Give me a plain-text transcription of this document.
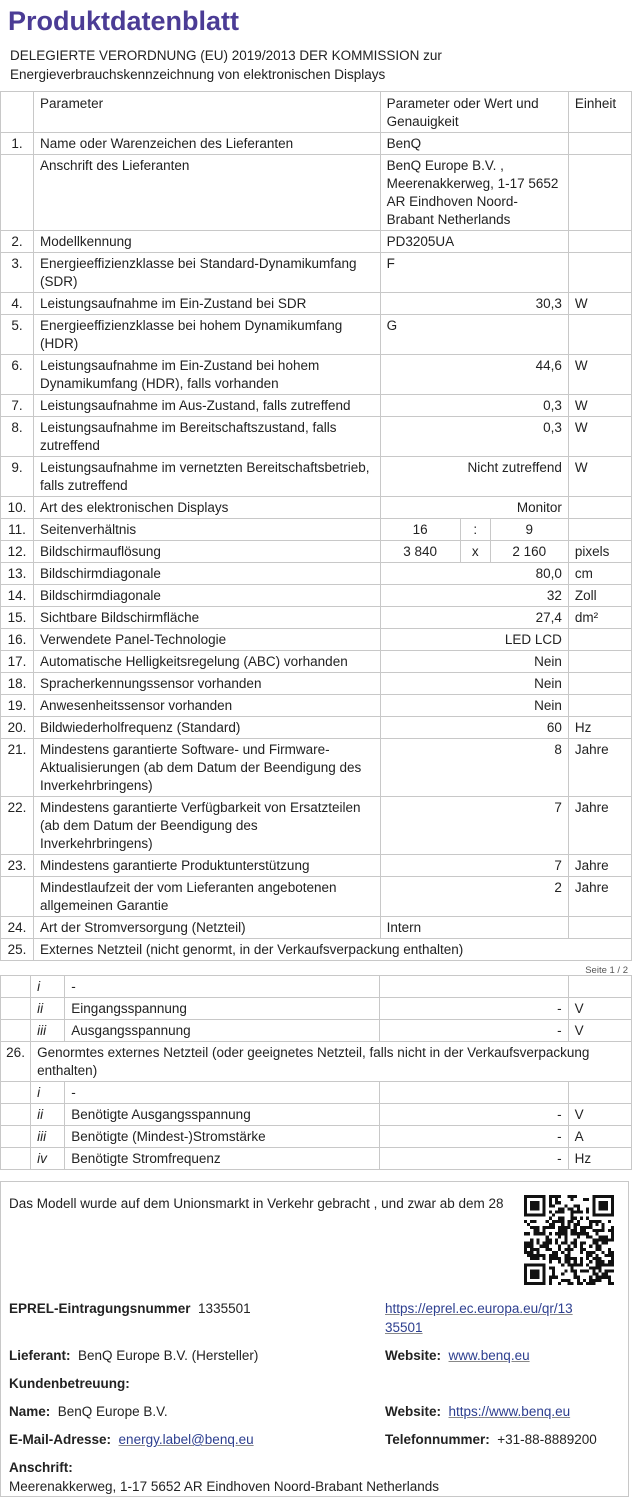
Produktdatenblatt
DELEGIERTE VERORDNUNG (EU) 2019/2013 DER KOMMISSION zur
Energieverbrauchskennzeichnung von elektronischen Displays
	Parameter	Parameter oder Wert und Genauigkeit			Einheit
1.	Name oder Warenzeichen des Lieferanten	BenQ			
	Anschrift des Lieferanten	BenQ Europe B.V. , Meerenakkerweg, 1-17 5652 AR Eindhoven Noord-Brabant Netherlands			
2.	Modellkennung	PD3205UA			
3.	Energieeffizienzklasse bei Standard-Dynamikumfang (SDR)	F			
4.	Leistungsaufnahme im Ein-Zustand bei SDR	30,3			W
5.	Energieeffizienzklasse bei hohem Dynamikumfang (HDR)	G			
6.	Leistungsaufnahme im Ein-Zustand bei hohem Dynamikumfang (HDR), falls vorhanden	44,6			W
7.	Leistungsaufnahme im Aus-Zustand, falls zutreffend	0,3			W
8.	Leistungsaufnahme im Bereitschaftszustand, falls zutreffend	0,3			W
9.	Leistungsaufnahme im vernetzten Bereitschaftsbetrieb, falls zutreffend	Nicht zutreffend			W
10.	Art des elektronischen Displays	Monitor			
11.	Seitenverhältnis	16	:	9	
12.	Bildschirmauflösung	3 840	x	2 160	pixels
13.	Bildschirmdiagonale	80,0			cm
14.	Bildschirmdiagonale	32			Zoll
15.	Sichtbare Bildschirmfläche	27,4			dm²
16.	Verwendete Panel-Technologie	LED LCD			
17.	Automatische Helligkeitsregelung (ABC) vorhanden	Nein			
18.	Spracherkennungssensor vorhanden	Nein			
19.	Anwesenheitssensor vorhanden	Nein			
20.	Bildwiederholfrequenz (Standard)	60			Hz
21.	Mindestens garantierte Software- und Firmware-Aktualisierungen (ab dem Datum der Beendigung des Inverkehrbringens)	8			Jahre
22.	Mindestens garantierte Verfügbarkeit von Ersatzteilen (ab dem Datum der Beendigung des Inverkehrbringens)	7			Jahre
23.	Mindestens garantierte Produktunterstützung	7			Jahre
	Mindestlaufzeit der vom Lieferanten angebotenen allgemeinen Garantie	2			Jahre
24.	Art der Stromversorgung (Netzteil)	Intern			
25.	Externes Netzteil (nicht genormt, in der Verkaufsverpackung enthalten)				
Seite 1 / 2
	i	-		
	ii	Eingangsspannung	-	V
	iii	Ausgangsspannung	-	V
26.	Genormtes externes Netzteil (oder geeignetes Netzteil, falls nicht in der Verkaufsverpackung enthalten)			
	i	-		
	ii	Benötigte Ausgangsspannung	-	V
	iii	Benötigte (Mindest-)Stromstärke	-	A
	iv	Benötigte Stromfrequenz	-	Hz
Das Modell wurde auf dem Unionsmarkt in Verkehr gebracht , und zwar ab dem 28
EPREL-Eintragungsnummer 1335501	https://eprel.ec.europa.eu/qr/13
35501
Lieferant: BenQ Europe B.V. (Hersteller)	Website: www.benq.eu
Kundenbetreuung:
Name: BenQ Europe B.V.	Website: https://www.benq.eu
E-Mail-Adresse: energy.label@benq.eu	Telefonnummer: +31-88-8889200
Anschrift:
Meerenakkerweg, 1-17 5652 AR Eindhoven Noord-Brabant Netherlands
